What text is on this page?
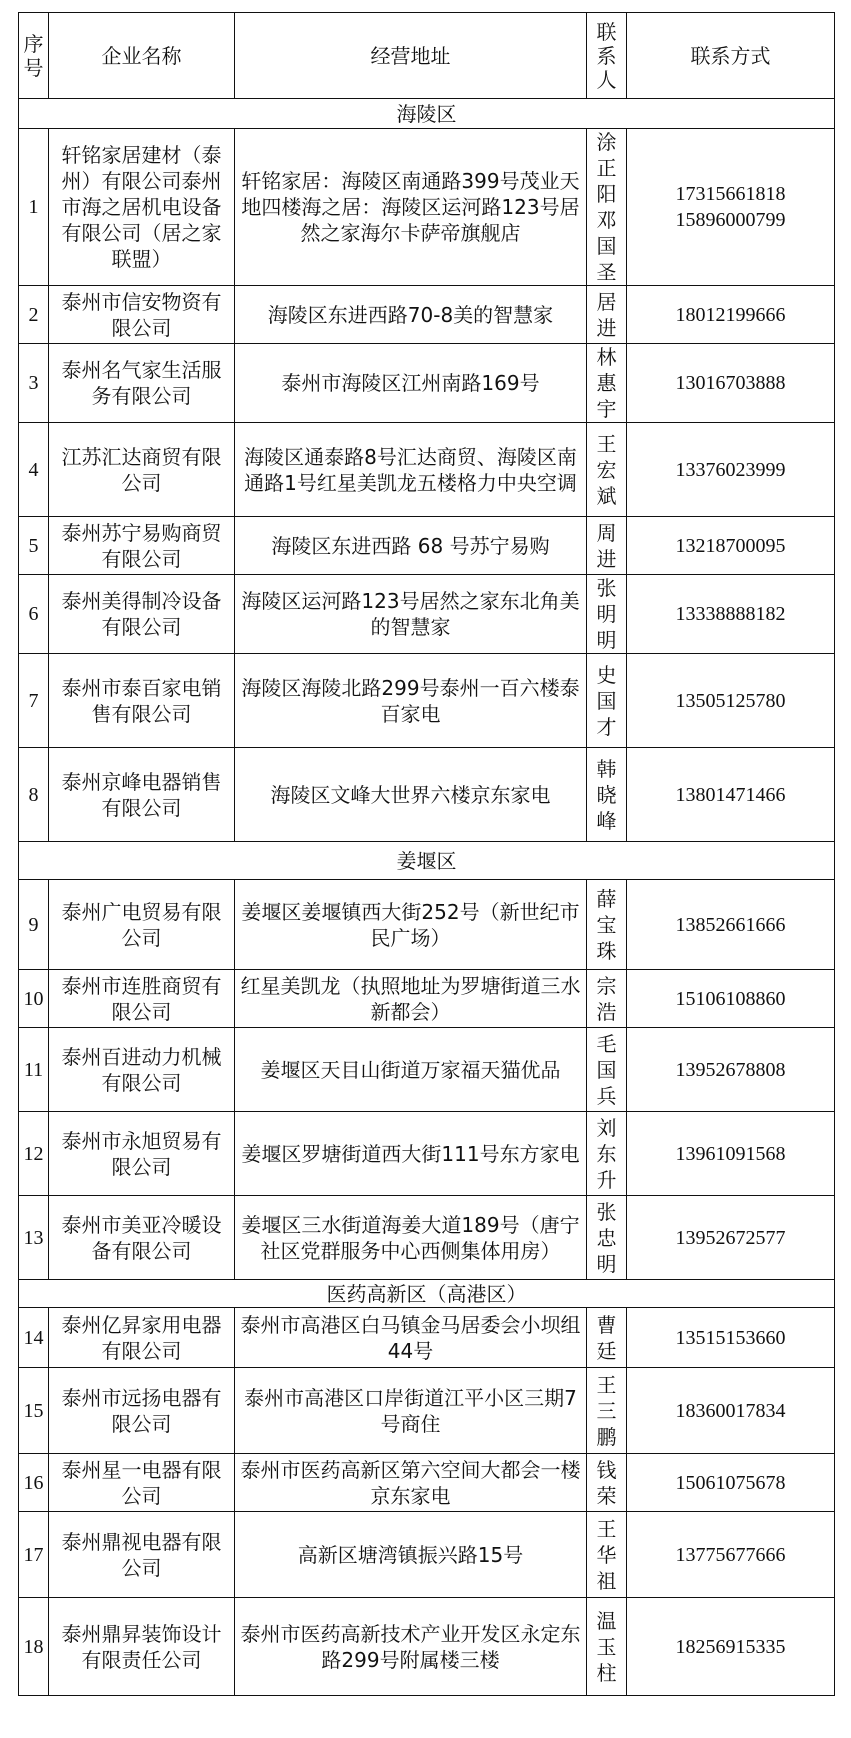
序号	企业名称	经营地址	联系人	联系方式
海陵区				
1	轩铭家居建材（泰州）有限公司泰州市海之居机电设备有限公司（居之家联盟）	轩铭家居：海陵区南通路399号茂业天地四楼海之居：海陵区运河路123号居然之家海尔卡萨帝旗舰店	涂正阳邓国圣	17315661818 15896000799
2	泰州市信安物资有限公司	海陵区东进西路70-8美的智慧家	居进	18012199666
3	泰州名气家生活服务有限公司	泰州市海陵区江州南路169号	林惠宇	13016703888
4	江苏汇达商贸有限公司	海陵区通泰路8号汇达商贸、海陵区南通路1号红星美凯龙五楼格力中央空调	王宏斌	13376023999
5	泰州苏宁易购商贸有限公司	海陵区东进西路 68 号苏宁易购	周进	13218700095
6	泰州美得制冷设备有限公司	海陵区运河路123号居然之家东北角美的智慧家	张明明	13338888182
7	泰州市泰百家电销售有限公司	海陵区海陵北路299号泰州一百六楼泰百家电	史国才	13505125780
8	泰州京峰电器销售有限公司	海陵区文峰大世界六楼京东家电	韩晓峰	13801471466
姜堰区				
9	泰州广电贸易有限公司	姜堰区姜堰镇西大街252号（新世纪市民广场）	薛宝珠	13852661666
10	泰州市连胜商贸有限公司	红星美凯龙（执照地址为罗塘街道三水新都会）	宗浩	15106108860
11	泰州百进动力机械有限公司	姜堰区天目山街道万家福天猫优品	毛国兵	13952678808
12	泰州市永旭贸易有限公司	姜堰区罗塘街道西大街111号东方家电	刘东升	13961091568
13	泰州市美亚冷暖设备有限公司	姜堰区三水街道海姜大道189号（唐宁社区党群服务中心西侧集体用房）	张忠明	13952672577
医药高新区（高港区）				
14	泰州亿昇家用电器有限公司	泰州市高港区白马镇金马居委会小坝组44号	曹廷	13515153660
15	泰州市远扬电器有限公司	泰州市高港区口岸街道江平小区三期7号商住	王三鹏	18360017834
16	泰州星一电器有限公司	泰州市医药高新区第六空间大都会一楼京东家电	钱荣	15061075678
17	泰州鼎视电器有限公司	高新区塘湾镇振兴路15号	王华祖	13775677666
18	泰州鼎昇装饰设计有限责任公司	泰州市医药高新技术产业开发区永定东路299号附属楼三楼	温玉柱	18256915335
